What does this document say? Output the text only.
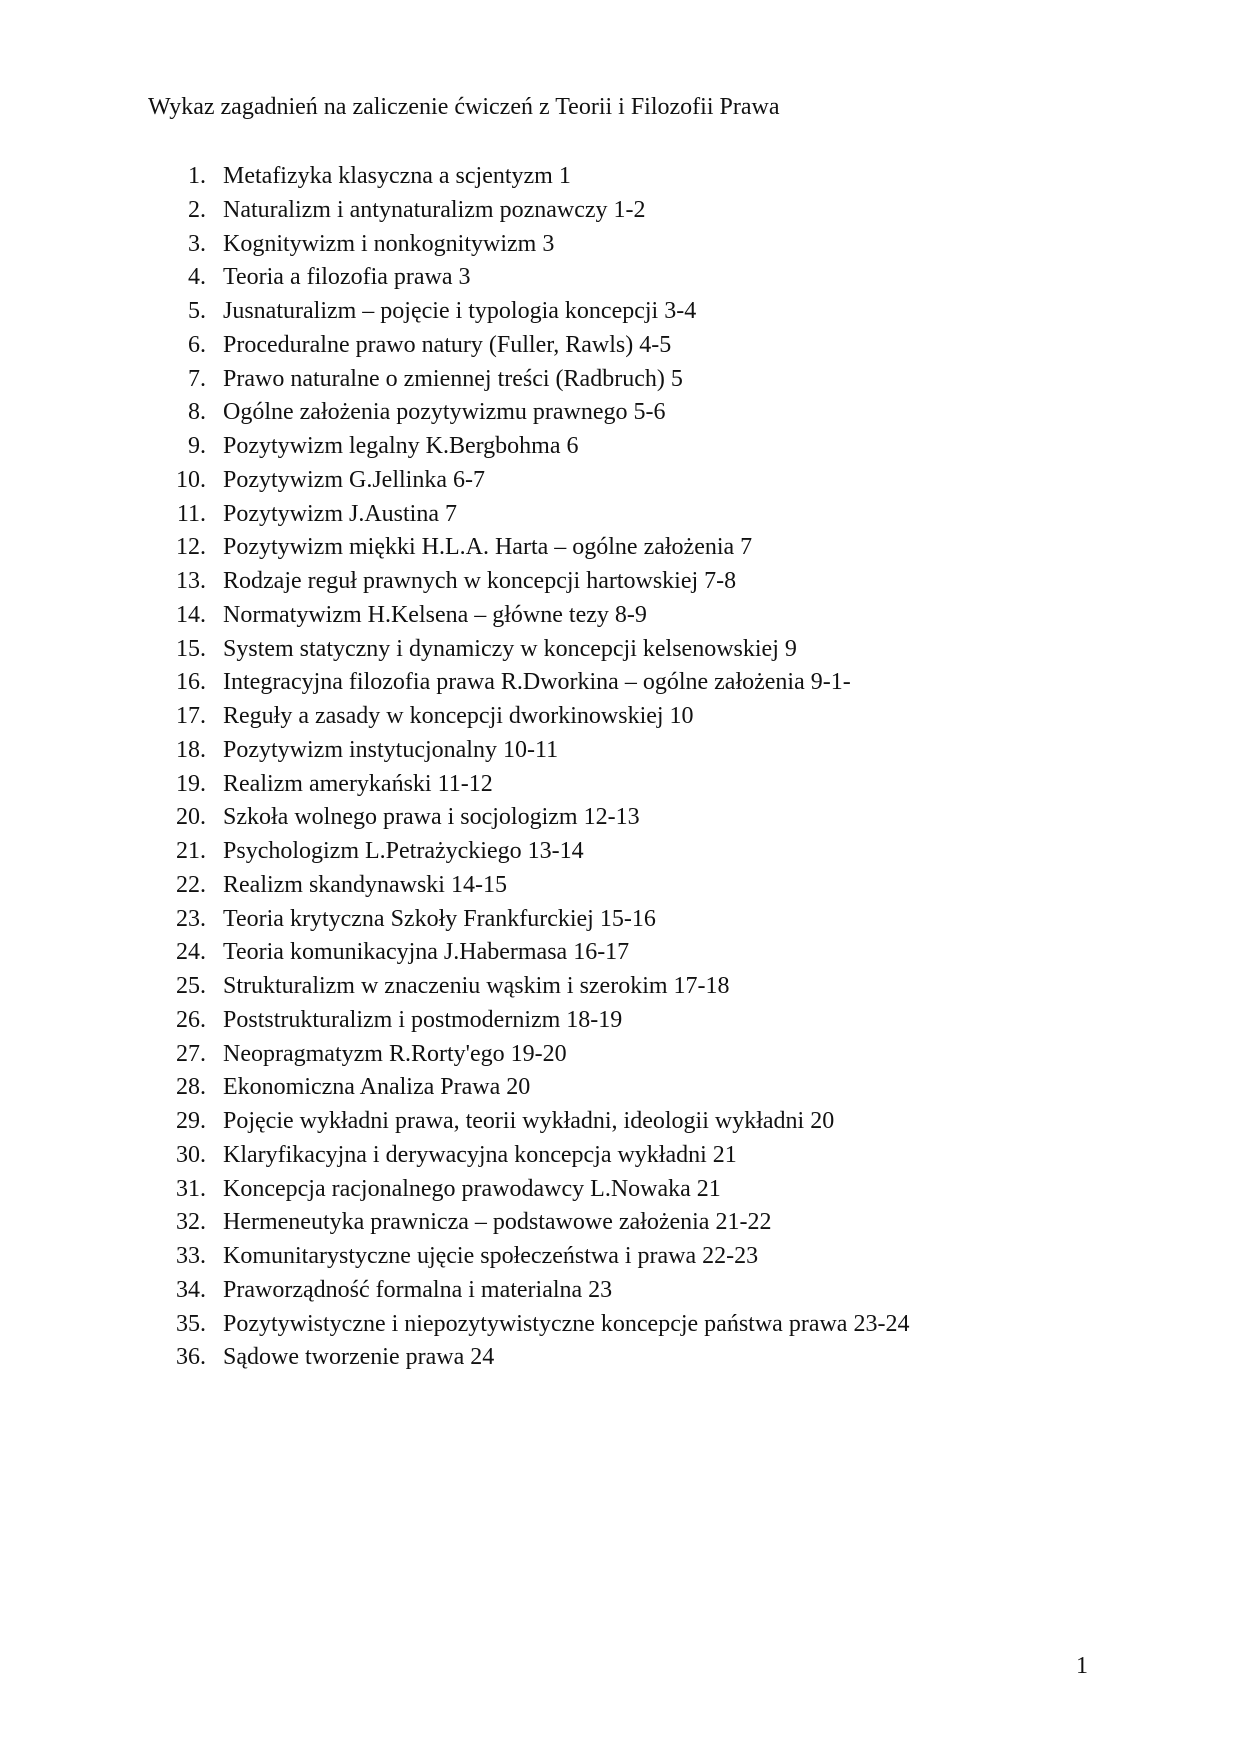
Wykaz zagadnień na zaliczenie ćwiczeń z Teorii i Filozofii Prawa
1. Metafizyka klasyczna a scjentyzm 1
2. Naturalizm i antynaturalizm poznawczy 1-2
3. Kognitywizm i nonkognitywizm 3
4. Teoria a filozofia prawa 3
5. Jusnaturalizm – pojęcie i typologia koncepcji 3-4
6. Proceduralne prawo natury (Fuller, Rawls) 4-5
7. Prawo naturalne o zmiennej treści (Radbruch) 5
8. Ogólne założenia pozytywizmu prawnego 5-6
9. Pozytywizm legalny K.Bergbohma 6
10. Pozytywizm G.Jellinka 6-7
11. Pozytywizm J.Austina 7
12. Pozytywizm miękki H.L.A. Harta – ogólne założenia 7
13. Rodzaje reguł prawnych w koncepcji hartowskiej 7-8
14. Normatywizm H.Kelsena – główne tezy 8-9
15. System statyczny i dynamiczy w koncepcji kelsenowskiej 9
16. Integracyjna filozofia prawa R.Dworkina – ogólne założenia 9-1-
17. Reguły a zasady w koncepcji dworkinowskiej 10
18. Pozytywizm instytucjonalny 10-11
19. Realizm amerykański 11-12
20. Szkoła wolnego prawa i socjologizm 12-13
21. Psychologizm L.Petrażyckiego 13-14
22. Realizm skandynawski 14-15
23. Teoria krytyczna Szkoły Frankfurckiej 15-16
24. Teoria komunikacyjna J.Habermasa 16-17
25. Strukturalizm w znaczeniu wąskim i szerokim 17-18
26. Poststrukturalizm i postmodernizm 18-19
27. Neopragmatyzm R.Rorty'ego 19-20
28. Ekonomiczna Analiza Prawa 20
29. Pojęcie wykładni prawa, teorii wykładni, ideologii wykładni 20
30. Klaryfikacyjna i derywacyjna koncepcja wykładni 21
31. Koncepcja racjonalnego prawodawcy L.Nowaka 21
32. Hermeneutyka prawnicza – podstawowe założenia 21-22
33. Komunitarystyczne ujęcie społeczeństwa i prawa 22-23
34. Praworządność formalna i materialna 23
35. Pozytywistyczne i niepozytywistyczne koncepcje państwa prawa 23-24
36. Sądowe tworzenie prawa 24
1
